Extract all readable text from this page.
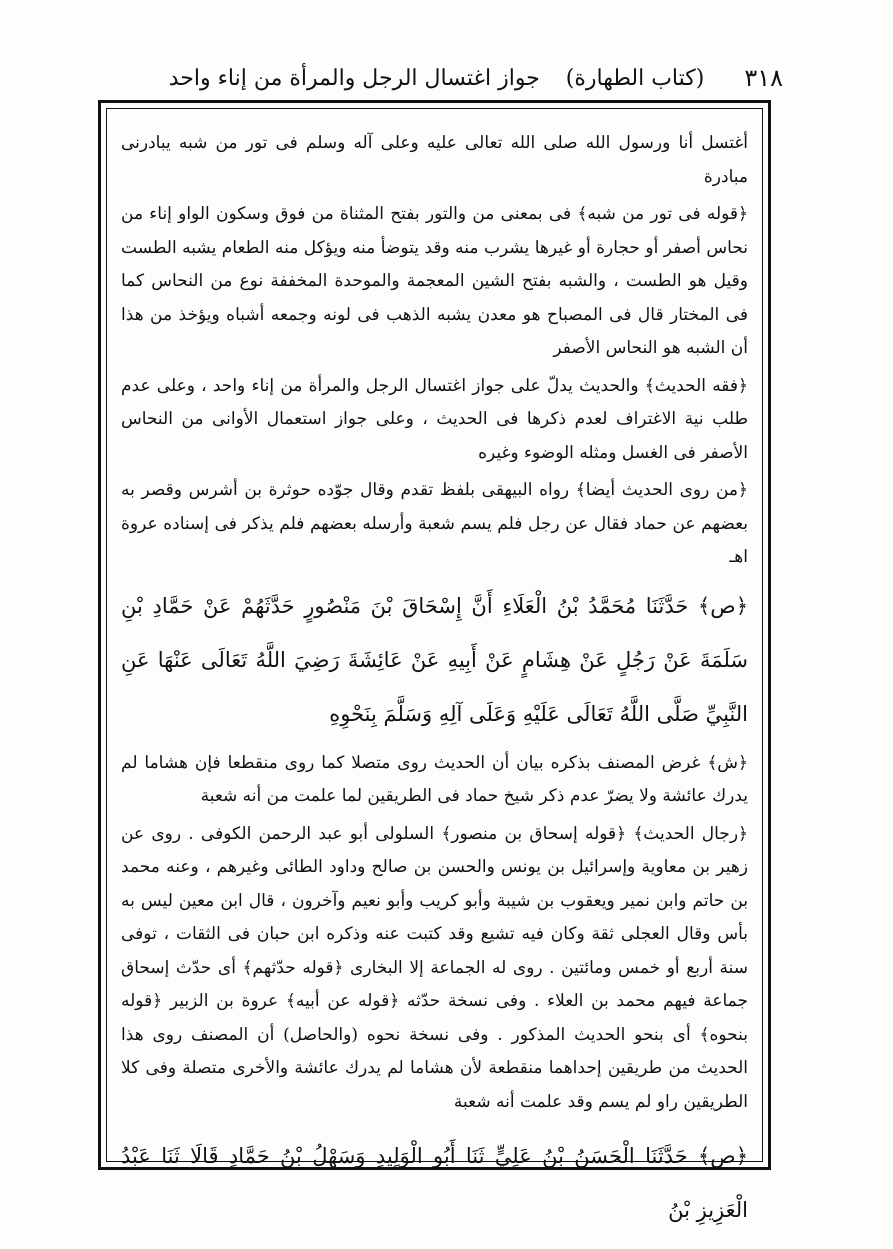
٣١٨
(كتاب الطهارة)
جواز اغتسال الرجل والمرأة من إناء واحد

أغتسل أنا ورسول الله صلى الله تعالى عليه وعلى آله وسلم فى تور من شبه يبادرنى مبادرة

﴿قوله فى تور من شبه﴾ فى بمعنى من والتور بفتح المثناة من فوق وسكون الواو إناء من نحاس أصفر أو حجارة أو غيرها يشرب منه وقد يتوضأ منه ويؤكل منه الطعام يشبه الطست وقيل هو الطست ، والشبه بفتح الشين المعجمة والموحدة المخففة نوع من النحاس كما فى المختار قال فى المصباح هو معدن يشبه الذهب فى لونه وجمعه أشباه ويؤخذ من هذا أن الشبه هو النحاس الأصفر

﴿فقه الحديث﴾ والحديث يدلّ على جواز اغتسال الرجل والمرأة من إناء واحد ، وعلى عدم طلب نية الاغتراف لعدم ذكرها فى الحديث ، وعلى جواز استعمال الأوانى من النحاس الأصفر فى الغسل ومثله الوضوء وغيره

﴿من روى الحديث أيضا﴾ رواه البيهقى بلفظ تقدم وقال جوّده حوثرة بن أشرس وقصر به بعضهم عن حماد فقال عن رجل فلم يسم شعبة وأرسله بعضهم فلم يذكر فى إسناده عروة اهـ

﴿ص﴾ حَدَّثَنَا مُحَمَّدُ بْنُ الْعَلَاءِ أَنَّ إِسْحَاقَ بْنَ مَنْصُورٍ حَدَّثَهُمْ عَنْ حَمَّادِ بْنِ سَلَمَةَ عَنْ رَجُلٍ عَنْ هِشَامٍ عَنْ أَبِيهِ عَنْ عَائِشَةَ رَضِيَ اللَّهُ تَعَالَى عَنْهَا عَنِ النَّبِيِّ صَلَّى اللَّهُ تَعَالَى عَلَيْهِ وَعَلَى آلِهِ وَسَلَّمَ بِنَحْوِهِ

﴿ش﴾ غرض المصنف بذكره بيان أن الحديث روى متصلا كما روى منقطعا فإن هشاما لم يدرك عائشة ولا يضرّ عدم ذكر شيخ حماد فى الطريقين لما علمت من أنه شعبة

﴿رجال الحديث﴾ ﴿قوله إسحاق بن منصور﴾ السلولى أبو عبد الرحمن الكوفى . روى عن زهير بن معاوية وإسرائيل بن يونس والحسن بن صالح وداود الطائى وغيرهم ، وعنه محمد بن حاتم وابن نمير ويعقوب بن شيبة وأبو كريب وأبو نعيم وآخرون ، قال ابن معين ليس به بأس وقال العجلى ثقة وكان فيه تشيع وقد كتبت عنه وذكره ابن حبان فى الثقات ، توفى سنة أربع أو خمس ومائتين . روى له الجماعة إلا البخارى ﴿قوله حدّثهم﴾ أى حدّث إسحاق جماعة فيهم محمد بن العلاء . وفى نسخة حدّثه ﴿قوله عن أبيه﴾ عروة بن الزبير ﴿قوله بنحوه﴾ أى بنحو الحديث المذكور . وفى نسخة نحوه (والحاصل) أن المصنف روى هذا الحديث من طريقين إحداهما منقطعة لأن هشاما لم يدرك عائشة والأخرى متصلة وفى كلا الطريقين راو لم يسم وقد علمت أنه شعبة

﴿ص﴾ حَدَّثَنَا الْحَسَنُ بْنُ عَلِيٍّ ثَنَا أَبُو الْوَلِيدِ وَسَهْلُ بْنُ حَمَّادٍ قَالَا ثَنَا عَبْدُ الْعَزِيزِ بْنُ
